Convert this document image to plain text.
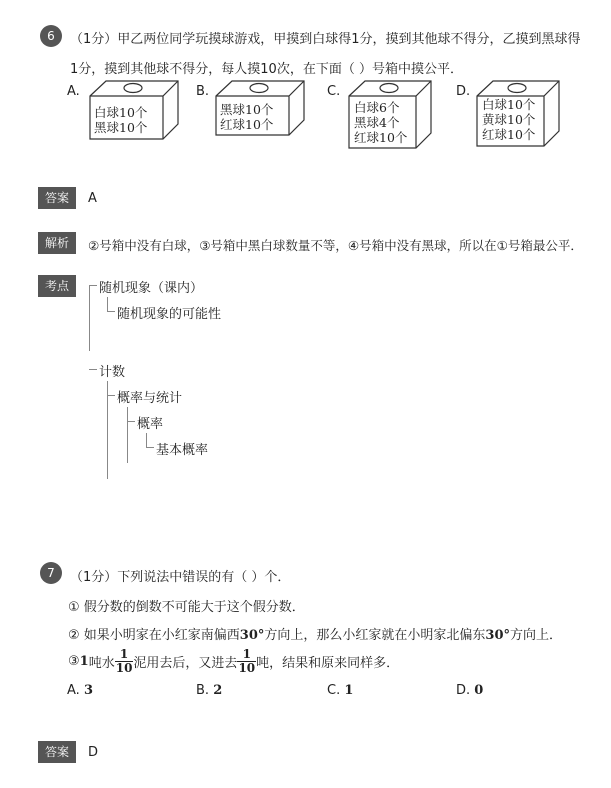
6	（1分）甲乙两位同学玩摸球游戏，甲摸到白球得1分，摸到其他球不得分，乙摸到黑球得
1分，摸到其他球不得分，每人摸10次，在下面（ ）号箱中摸公平．
A.
白球10个
黑球10个
B.
黑球10个
红球10个
C.
白球6个
黑球4个
红球10个
D.
白球10个
黄球10个
红球10个
答案	A
解析	②号箱中没有白球，③号箱中黑白球数量不等，④号箱中没有黑球，所以在①号箱最公平．
考点	随机现象（课内）
随机现象的可能性
计数
概率与统计
概率
基本概率
7	（1分）下列说法中错误的有（ ）个．
① 假分数的倒数不可能大于这个假分数．
② 如果小明家在小红家南偏西30°方向上，那么小红家就在小明家北偏东30°方向上．
③ 1 吨水 $\frac{1}{10}$ 泥用去后，又进去 $\frac{1}{10}$ 吨，结果和原来同样多．
A. 3	B. 2	C. 1	D. 0
答案	D
